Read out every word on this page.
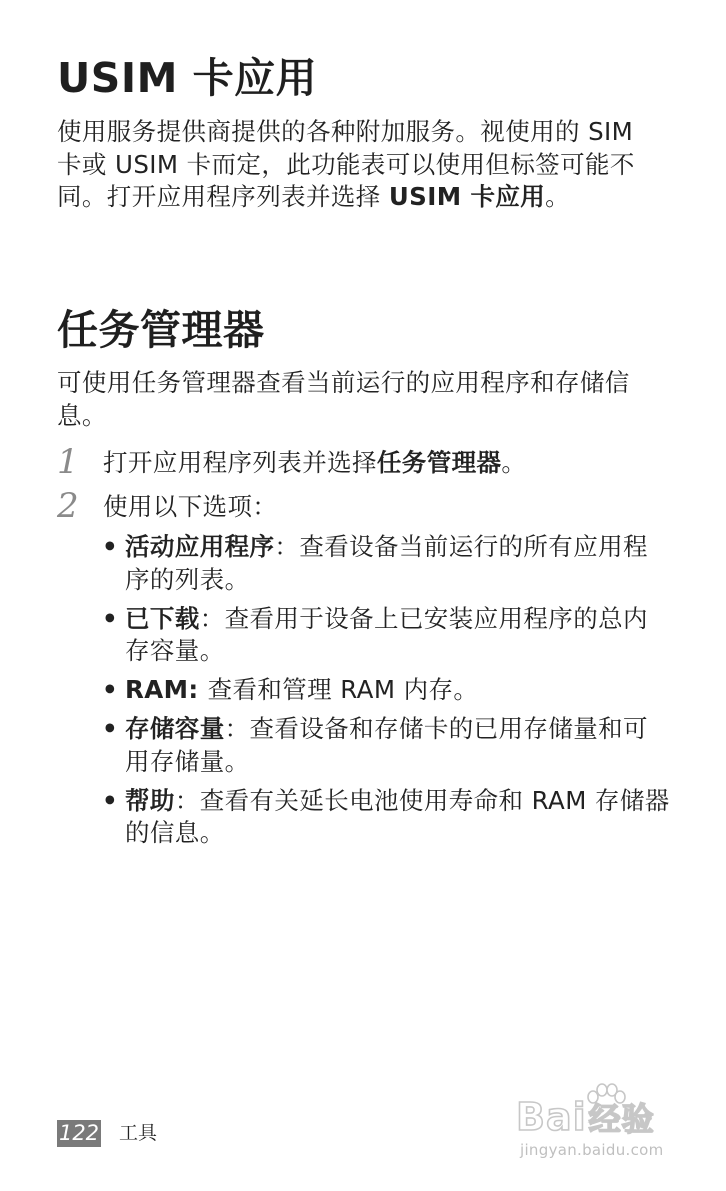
USIM 卡应用
使用服务提供商提供的各种附加服务。视使用的 SIM 卡或 USIM 卡而定，此功能表可以使用但标签可能不同。打开应用程序列表并选择 USIM 卡应用。
任务管理器
可使用任务管理器查看当前运行的应用程序和存储信息。
1 打开应用程序列表并选择任务管理器。
2 使用以下选项：
• 活动应用程序：查看设备当前运行的所有应用程序的列表。
• 已下载：查看用于设备上已安装应用程序的总内存容量。
• RAM: 查看和管理 RAM 内存。
• 存储容量：查看设备和存储卡的已用存储量和可用存储量。
• 帮助：查看有关延长电池使用寿命和 RAM 存储器的信息。
122 工具	Bai经验
jingyan.baidu.com
